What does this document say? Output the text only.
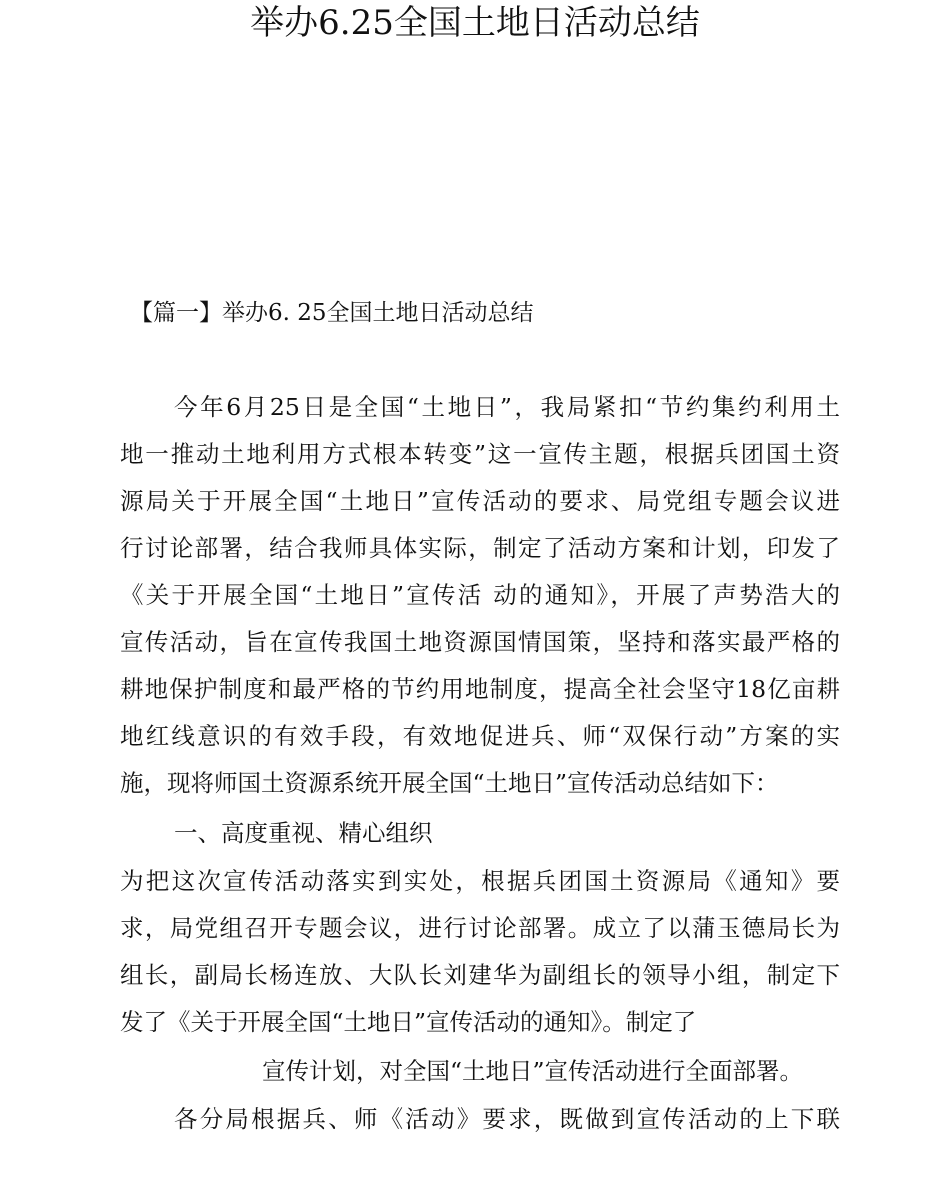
举办6.25全国土地日活动总结
【篇一】举办6. 25全国土地日活动总结
今年6月25日是全国“土地日”，我局紧扣“节约集约利用土
地一推动土地利用方式根本转变”这一宣传主题，根据兵团国土资
源局关于开展全国“土地日”宣传活动的要求、局党组专题会议进
行讨论部署，结合我师具体实际，制定了活动方案和计划，印发了
《关于开展全国“土地日”宣传活 动的通知》，开展了声势浩大的
宣传活动，旨在宣传我国土地资源国情国策，坚持和落实最严格的
耕地保护制度和最严格的节约用地制度，提高全社会坚守18亿亩耕
地红线意识的有效手段，有效地促进兵、师“双保行动”方案的实
施，现将师国土资源系统开展全国“土地日”宣传活动总结如下：
一、高度重视、精心组织
为把这次宣传活动落实到实处，根据兵团国土资源局《通知》要
求，局党组召开专题会议，进行讨论部署。成立了以蒲玉德局长为
组长，副局长杨连放、大队长刘建华为副组长的领导小组，制定下
发了《关于开展全国“土地日”宣传活动的通知》。制定了
宣传计划，对全国“土地日”宣传活动进行全面部署。
各分局根据兵、师《活动》要求，既做到宣传活动的上下联
